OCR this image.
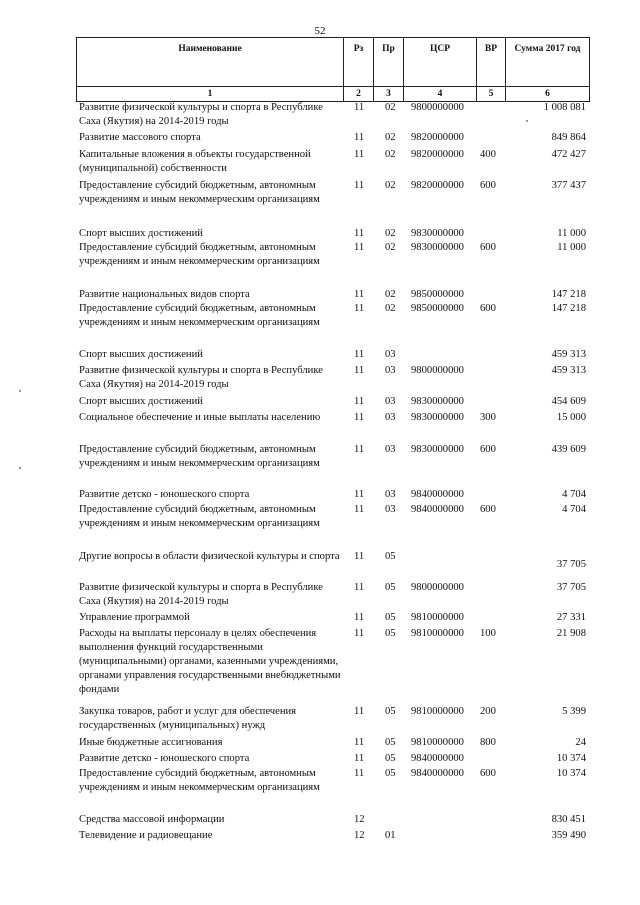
52
Наименование	Рз	Пр	ЦСР	ВР	Сумма 2017 год
1	2	3	4	5	6
Развитие физической культуры и спорта в Республике Саха (Якутия) на 2014-2019 годы
11	02	9800000000	1 008 081
Развитие массового спорта	11	02	9820000000	849 864
Капитальные вложения в объекты государственной (муниципальной) собственности
11	02	9820000000	400	472 427
Предоставление субсидий бюджетным, автономным учреждениям и иным некоммерческим организациям
11	02	9820000000	600	377 437
Спорт высших достижений	11	02	9830000000	11 000
Предоставление субсидий бюджетным, автономным учреждениям и иным некоммерческим организациям
11	02	9830000000	600	11 000
Развитие национальных видов спорта	11	02	9850000000	147 218
Предоставление субсидий бюджетным, автономным учреждениям и иным некоммерческим организациям
11	02	9850000000	600	147 218
Спорт высших достижений	11	03	459 313
Развитие физической культуры и спорта в Республике Саха (Якутия) на 2014-2019 годы
11	03	9800000000	459 313
Спорт высших достижений	11	03	9830000000	454 609
Социальное обеспечение и иные выплаты населению	11	03	9830000000	300	15 000
Предоставление субсидий бюджетным, автономным учреждениям и иным некоммерческим организациям
11	03	9830000000	600	439 609
Развитие детско - юношеского спорта	11	03	9840000000	4 704
Предоставление субсидий бюджетным, автономным учреждениям и иным некоммерческим организациям
11	03	9840000000	600	4 704
Другие вопросы в области физической культуры и спорта	11	05
37 705
Развитие физической культуры и спорта в Республике Саха (Якутия) на 2014-2019 годы
11	05	9800000000	37 705
Управление программой	11	05	9810000000	27 331
Расходы на выплаты персоналу в целях обеспечения выполнения функций государственными (муниципальными) органами, казенными учреждениями, органами управления государственными внебюджетными фондами
11	05	9810000000	100	21 908
Закупка товаров, работ и услуг для обеспечения государственных (муниципальных) нужд
11	05	9810000000	200	5 399
Иные бюджетные ассигнования	11	05	9810000000	800	24
Развитие детско - юношеского спорта	11	05	9840000000	10 374
Предоставление субсидий бюджетным, автономным учреждениям и иным некоммерческим организациям
11	05	9840000000	600	10 374
Средства массовой информации	12	830 451
Телевидение и радиовещание	12	01	359 490
